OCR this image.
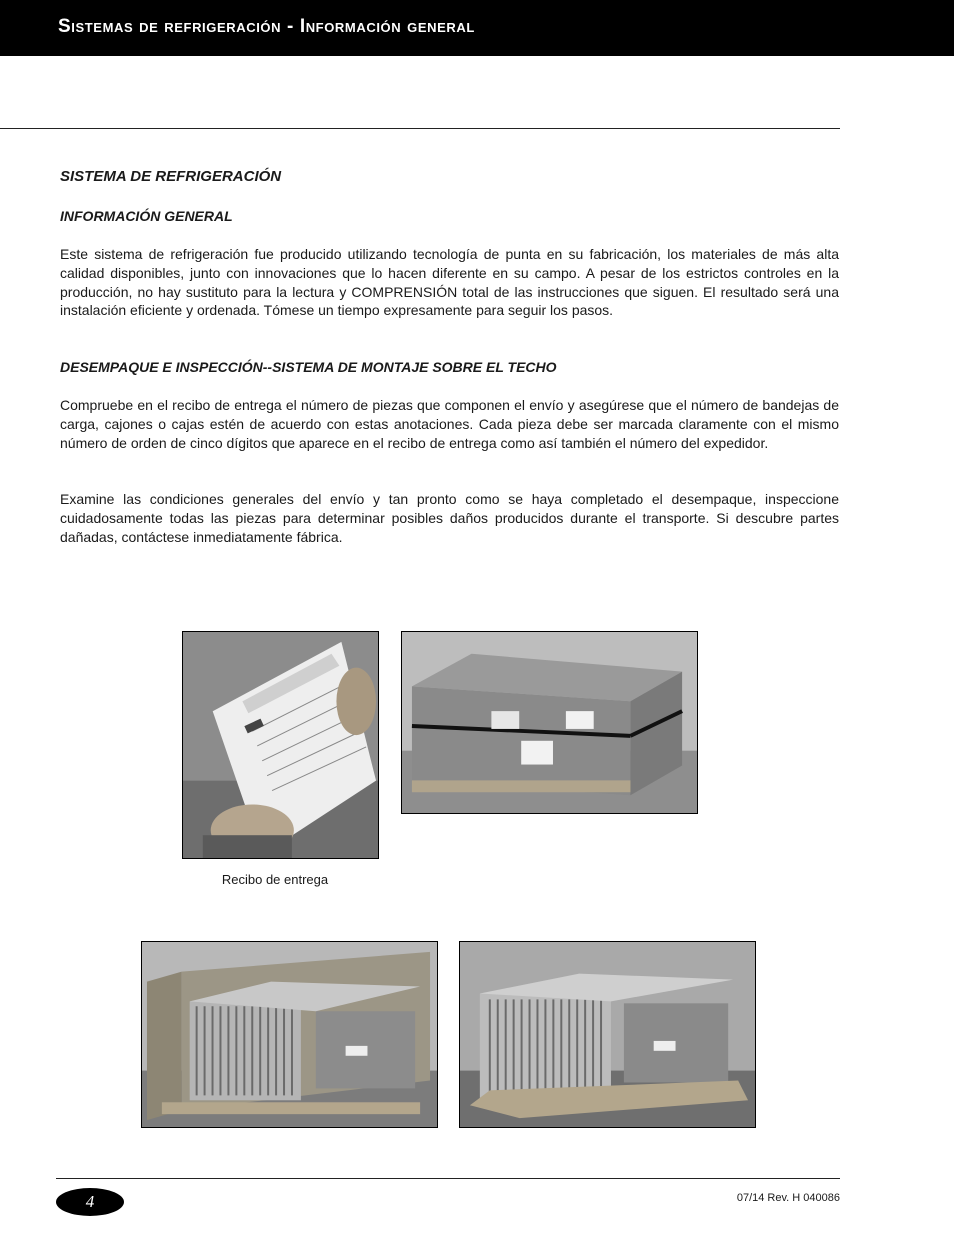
Sistemas de refrigeración - Información general
SISTEMA DE REFRIGERACIÓN
INFORMACIÓN GENERAL

Este sistema de refrigeración fue producido utilizando tecnología de punta en su fabricación, los materiales de más alta calidad disponibles, junto con innovaciones que lo hacen diferente en su campo. A pesar de los estrictos controles en la producción, no hay sustituto para la lectura y COMPRENSIÓN total de las instrucciones que siguen. El resultado será una instalación eficiente y ordenada. Tómese un tiempo expresamente para seguir los pasos.

DESEMPAQUE E INSPECCIÓN--SISTEMA DE MONTAJE SOBRE EL TECHO

Compruebe en el recibo de entrega el número de piezas que componen el envío y asegúrese que el número de bandejas de carga, cajones o cajas estén de acuerdo con estas anotaciones. Cada pieza debe ser marcada claramente con el mismo número de orden de cinco dígitos que aparece en el recibo de entrega como así también el número del expedidor.

Examine las condiciones generales del envío y tan pronto como se haya completado el desempaque, inspeccione cuidadosamente todas las piezas para determinar posibles daños producidos durante el transporte. Si descubre partes dañadas, contáctese inmediatamente fábrica.

Recibo de entrega
4	07/14 Rev. H 040086
